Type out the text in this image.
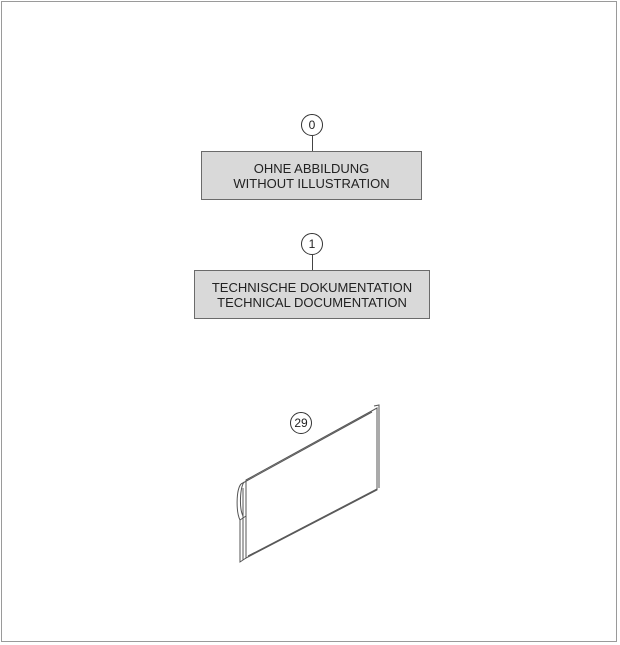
0
OHNE ABBILDUNG
WITHOUT ILLUSTRATION
1
TECHNISCHE DOKUMENTATION
TECHNICAL DOCUMENTATION
29
